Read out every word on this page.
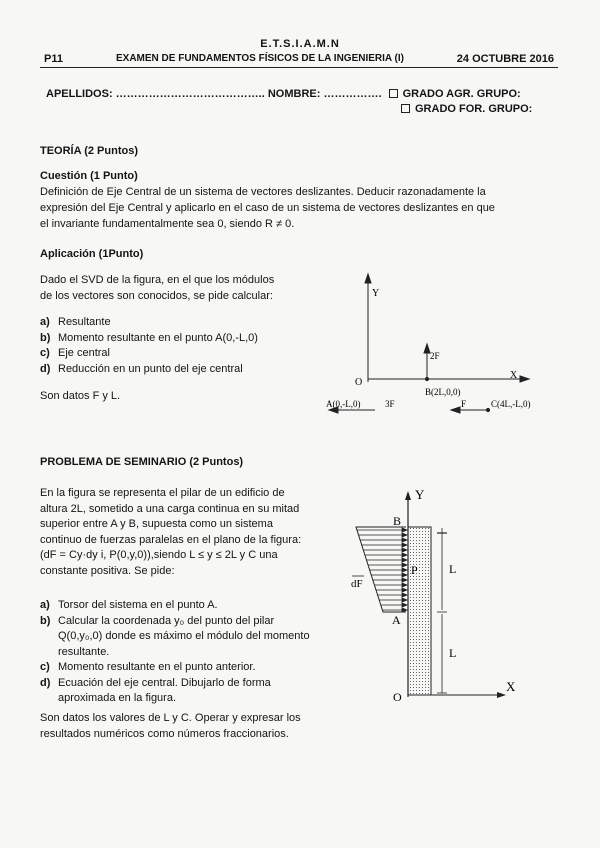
E.T.S.I.A.M.N
P11	EXAMEN DE FUNDAMENTOS FÍSICOS DE LA INGENIERIA (I)	24 OCTUBRE 2016
APELLIDOS: ………………………………….. NOMBRE: ……………. GRADO AGR. GRUPO:
GRADO FOR. GRUPO:
TEORÍA (2 Puntos)
Cuestión (1 Punto)
Definición de Eje Central de un sistema de vectores deslizantes. Deducir razonadamente la
expresión del Eje Central y aplicarlo en el caso de un sistema de vectores deslizantes en que
el invariante fundamentalmente sea 0, siendo R ≠ 0.
Aplicación (1Punto)
Dado el SVD de la figura, en el que los módulos
de los vectores son conocidos, se pide calcular:
a) Resultante
b) Momento resultante en el punto A(0,-L,0)
c) Eje central
d) Reducción en un punto del eje central
Son datos F y L.
Y
X
O
2F
B(2L,0,0)
A(0,-L,0)	3F	F	C(4L,-L,0)
PROBLEMA DE SEMINARIO (2 Puntos)
En la figura se representa el pilar de un edificio de
altura 2L, sometido a una carga continua en su mitad
superior entre A y B, supuesta como un sistema
continuo de fuerzas paralelas en el plano de la figura:
(dF = Cy·dy i, P(0,y,0)),siendo L ≤ y ≤ 2L y C una
constante positiva. Se pide:
a) Torsor del sistema en el punto A.
b) Calcular la coordenada y₀ del punto del pilar
Q(0,y₀,0) donde es máximo el módulo del momento
resultante.
c) Momento resultante en el punto anterior.
d) Ecuación del eje central. Dibujarlo de forma
aproximada en la figura.
Son datos los valores de L y C. Operar y expresar los
resultados numéricos como números fraccionarios.
Y
X
B
P
A
O
dF
L
L
